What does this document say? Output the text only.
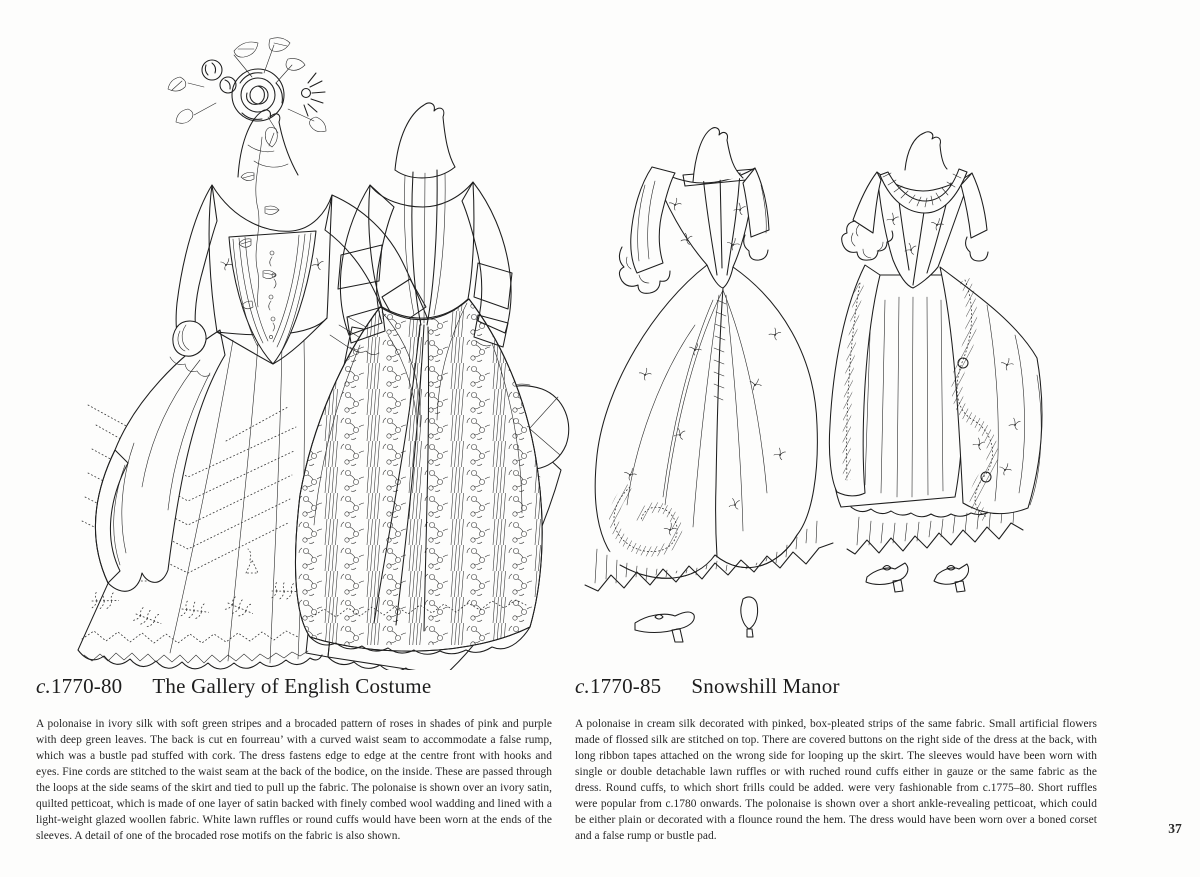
c.1770-80 The Gallery of English Costume	c.1770-85 Snowshill Manor
A polonaise in ivory silk with soft green stripes and a brocaded pattern of roses in shades of pink and purple with deep green leaves. The back is cut en fourreau’ with a curved waist seam to accommodate a false rump, which was a bustle pad stuffed with cork. The dress fastens edge to edge at the centre front with hooks and eyes. Fine cords are stitched to the waist seam at the back of the bodice, on the inside. These are passed through the loops at the side seams of the skirt and tied to pull up the fabric. The polonaise is shown over an ivory satin, quilted petticoat, which is made of one layer of satin backed with finely combed wool wadding and lined with a light-weight glazed woollen fabric. White lawn ruffles or round cuffs would have been worn at the ends of the sleeves. A detail of one of the brocaded rose motifs on the fabric is also shown.
A polonaise in cream silk decorated with pinked, box-pleated strips of the same fabric. Small artificial flowers made of flossed silk are stitched on top. There are covered buttons on the right side of the dress at the back, with long ribbon tapes attached on the wrong side for looping up the skirt. The sleeves would have been worn with single or double detachable lawn ruffles or with ruched round cuffs either in gauze or the same fabric as the dress. Round cuffs, to which short frills could be added. were very fashionable from c.1775–80. Short ruffles were popular from c.1780 onwards. The polonaise is shown over a short ankle-revealing petticoat, which could be either plain or decorated with a flounce round the hem. The dress would have been worn over a boned corset and a false rump or bustle pad.	37
